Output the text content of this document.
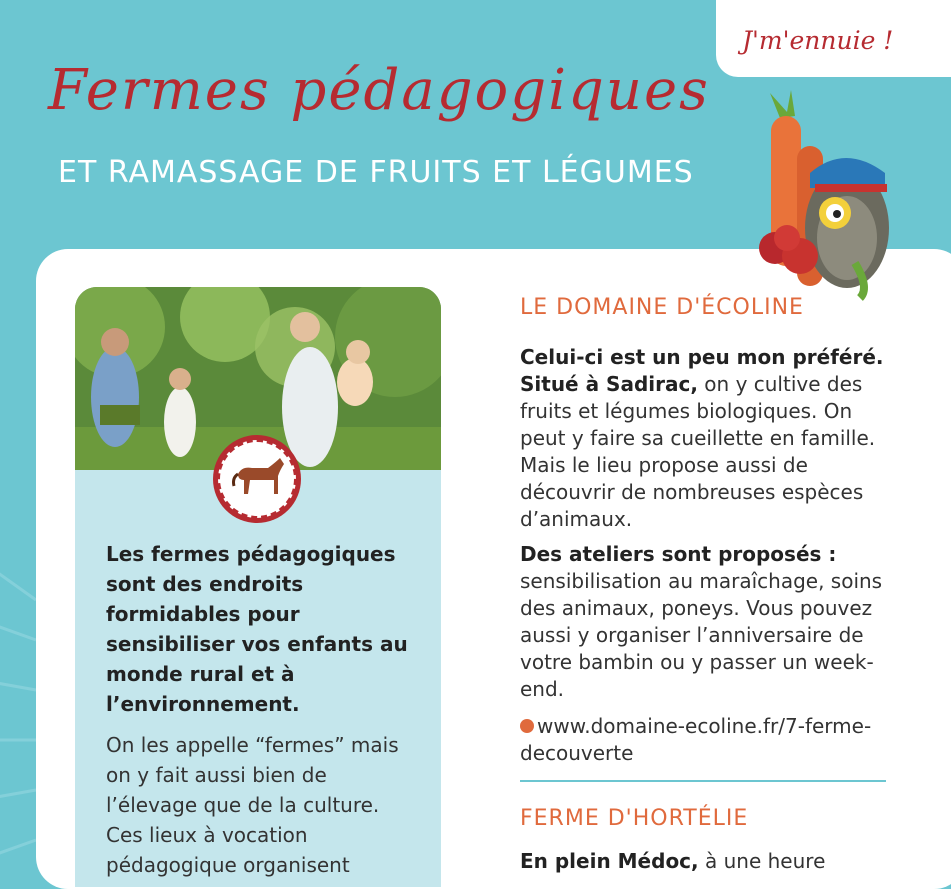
J'm'ennuie !
Fermes pédagogiques
ET RAMASSAGE DE FRUITS ET LÉGUMES
Les fermes pédagogiques sont des endroits formidables pour sensibiliser vos enfants au monde rural et à l’environnement.
On les appelle “fermes” mais on y fait aussi bien de l’élevage que de la culture. Ces lieux à vocation pédagogique organisent
LE DOMAINE D'ÉCOLINE
Celui-ci est un peu mon préféré. Situé à Sadirac, on y cultive des fruits et légumes biologiques. On peut y faire sa cueillette en famille. Mais le lieu propose aussi de découvrir de nombreuses espèces d’animaux.
Des ateliers sont proposés : sensibilisation au maraîchage, soins des animaux, poneys. Vous pouvez aussi y organiser l’anniversaire de votre bambin ou y passer un week-end.
www.domaine-ecoline.fr/7-ferme-decouverte
FERME D'HORTÉLIE
En plein Médoc, à une heure
